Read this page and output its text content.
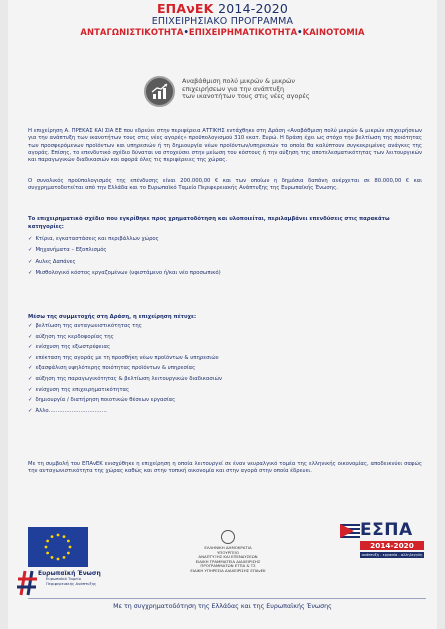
ΕΠΑνΕΚ 2014-2020
ΕΠΙΧΕΙΡΗΣΙΑΚΟ ΠΡΟΓΡΑΜΜΑ
ΑΝΤΑΓΩΝΙΣΤΙΚΟΤΗΤΑ•ΕΠΙΧΕΙΡΗΜΑΤΙΚΟΤΗΤΑ•ΚΑΙΝΟΤΟΜΙΑ
Αναβάθμιση πολύ μικρών & μικρών
επιχειρήσεων για την ανάπτυξη
των ικανοτήτων τους στις νέες αγορές
Η επιχείρηση Α. ΠΡΕΚΑΣ ΚΑΙ ΣΙΑ ΕΕ που εδρεύει στην περιφέρεια ΑΤΤΙΚΗΣ εντάχθηκε στη Δράση «Αναβάθμιση πολύ μικρών & μικρών επιχειρήσεων για την ανάπτυξη των ικανοτήτων τους στις νέες αγορές» προϋπολογισμού 310 εκατ. Ευρώ. Η δράση έχει ως στόχο την βελτίωση της ποιότητας των προσφερόμενων προϊόντων και υπηρεσιών ή τη δημιουργία νέων προϊόντων/υπηρεσιών τα οποία θα καλύπτουν συγκεκριμένες ανάγκες της αγοράς. Επίσης, το επενδυτικό σχέδιο δύναται να στοχεύσει στην μείωση του κόστους ή την αύξηση της αποτελεσματικότητας των λειτουργικών και παραγωγικών διαδικασιών και αφορά όλες τις περιφέρειες της χώρας.
Ο συνολικός προϋπολογισμός της επένδυσης είναι 200.000,00 € και των οποίων η δημόσια δαπάνη ανέρχεται σε 80.000,00 € και συγχρηματοδοτείται από την Ελλάδα και το Ευρωπαϊκό Ταμείο Περιφερειακής Ανάπτυξης της Ευρωπαϊκής Ένωσης.
Το επιχειρηματικό σχέδιο που εγκρίθηκε προς χρηματοδότηση και υλοποιείται, περιλαμβάνει επενδύσεις στις παρακάτω κατηγορίες:
✓ Κτίρια, εγκαταστάσεις και περιβάλλων χώρος
✓ Μηχανήματα – Εξοπλισμός
✓ Αυλες Δαπάνες
✓ Μισθολογικό κόστος εργαζομένων (υφιστάμενο ή/και νέο προσωπικό)
Μέσω της συμμετοχής στη Δράση, η επιχείρηση πέτυχε:
✓ βελτίωση της ανταγωνιστικότητας της
✓ αύξηση της κερδοφορίας της
✓ ενίσχυση της εξωστρέφειας
✓ επέκταση της αγοράς με τη προσθήκη νέων προϊόντων & υπηρεσιών
✓ εξασφάλιση υψηλότερης ποιότητας προϊόντων & υπηρεσίας
✓ αύξηση της παραγωγικότητας & βελτίωση λειτουργικών διαδικασιών
✓ ενίσχυση της επιχειρηματικότητας
✓ δημιουργία / διατήρηση ποιοτικών θέσεων εργασίας
✓ Άλλο……………………………
Με τη συμβολή του ΕΠΑνΕΚ ενισχύθηκε η επιχείρηση η οποία λειτουργεί σε έναν νευραλγικό τομέα της ελληνικής οικονομίας, αποδεικνύει σαφώς την ανταγωνιστικότητα της χώρας καθώς και στην τοπική οικονομία και στην αγορά στην οποία έδρευει.
Ευρωπαϊκή Ένωση
Ευρωπαϊκό Ταμείο Περιφερειακής Ανάπτυξης
ΕΛΛΗΝΙΚΗ ΔΗΜΟΚΡΑΤΙΑ
ΥΠΟΥΡΓΕΙΟ
ΑΝΑΠΤΥΞΗΣ ΚΑΙ ΕΠΕΝΔΥΣΕΩΝ
ΕΙΔΙΚΗ ΓΡΑΜΜΑΤΕΙΑ ΔΙΑΧΕΙΡΙΣΗΣ
ΠΡΟΓΡΑΜΜΑΤΩΝ ΕΤΠΑ & ΤΣ
ΕΙΔΙΚΗ ΥΠΗΡΕΣΙΑ ΔΙΑΧΕΙΡΙΣΗΣ ΕΠΑνΕΚ
ΕΣΠΑ
2014-2020
ανάπτυξη - εργασία - αλληλεγγύη
Με τη συγχρηματοδότηση της Ελλάδας και της Ευρωπαϊκής Ένωσης
